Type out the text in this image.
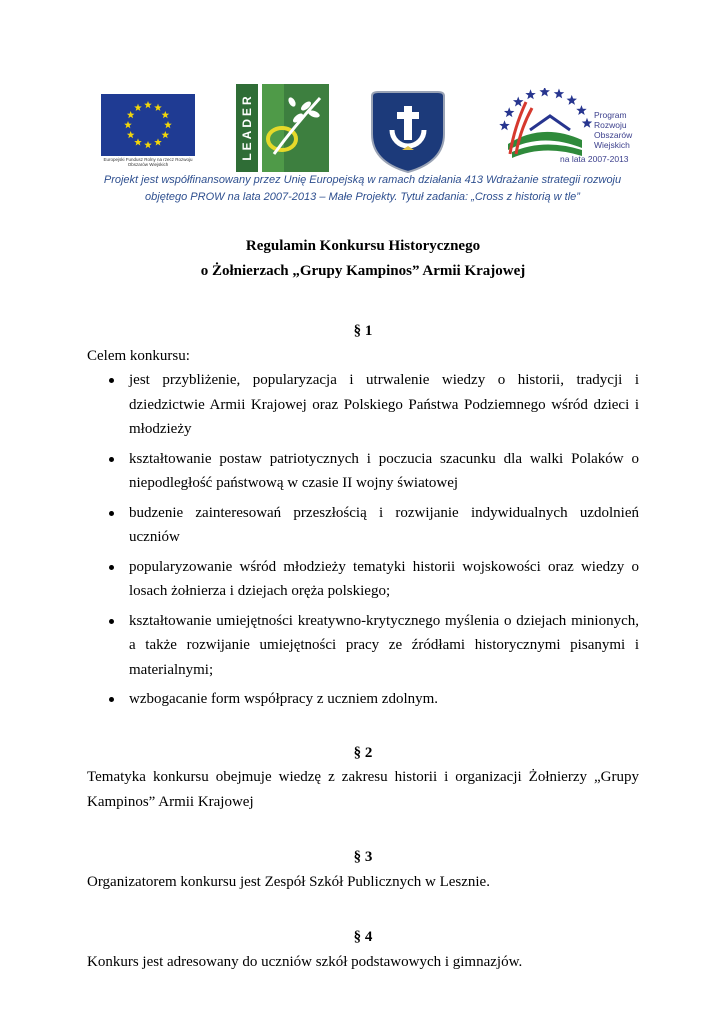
Europejski Fundusz Rolny na rzecz Rozwoju Obszarów Wiejskich
LEADER	Program
Rozwoju
Obszarów
Wiejskich
na lata 2007-2013
Projekt jest współfinansowany przez Unię Europejską w ramach działania 413 Wdrażanie strategii rozwoju
objętego PROW na lata 2007-2013 – Małe Projekty. Tytuł zadania: „Cross z historią w tle”
Regulamin Konkursu Historycznego
o Żołnierzach „Grupy Kampinos” Armii Krajowej
§ 1

Celem konkursu:

jest przybliżenie, popularyzacja i utrwalenie wiedzy o historii, tradycji i dziedzictwie Armii Krajowej oraz Polskiego Państwa Podziemnego wśród dzieci i młodzieży
kształtowanie postaw patriotycznych i poczucia szacunku dla walki Polaków o niepodległość państwową w czasie II wojny światowej
budzenie zainteresowań przeszłością i rozwijanie indywidualnych uzdolnień uczniów
popularyzowanie wśród młodzieży tematyki historii wojskowości oraz wiedzy o losach żołnierza i dziejach oręża polskiego;
kształtowanie umiejętności kreatywno-krytycznego myślenia o dziejach minionych, a także rozwijanie umiejętności pracy ze źródłami historycznymi pisanymi i materialnymi;
wzbogacanie form współpracy z uczniem zdolnym.
§ 2

Tematyka konkursu obejmuje wiedzę z zakresu historii i organizacji Żołnierzy „Grupy Kampinos” Armii Krajowej

§ 3

Organizatorem konkursu jest Zespół Szkół Publicznych w Lesznie.

§ 4

Konkurs jest adresowany do uczniów szkół podstawowych i gimnazjów.
